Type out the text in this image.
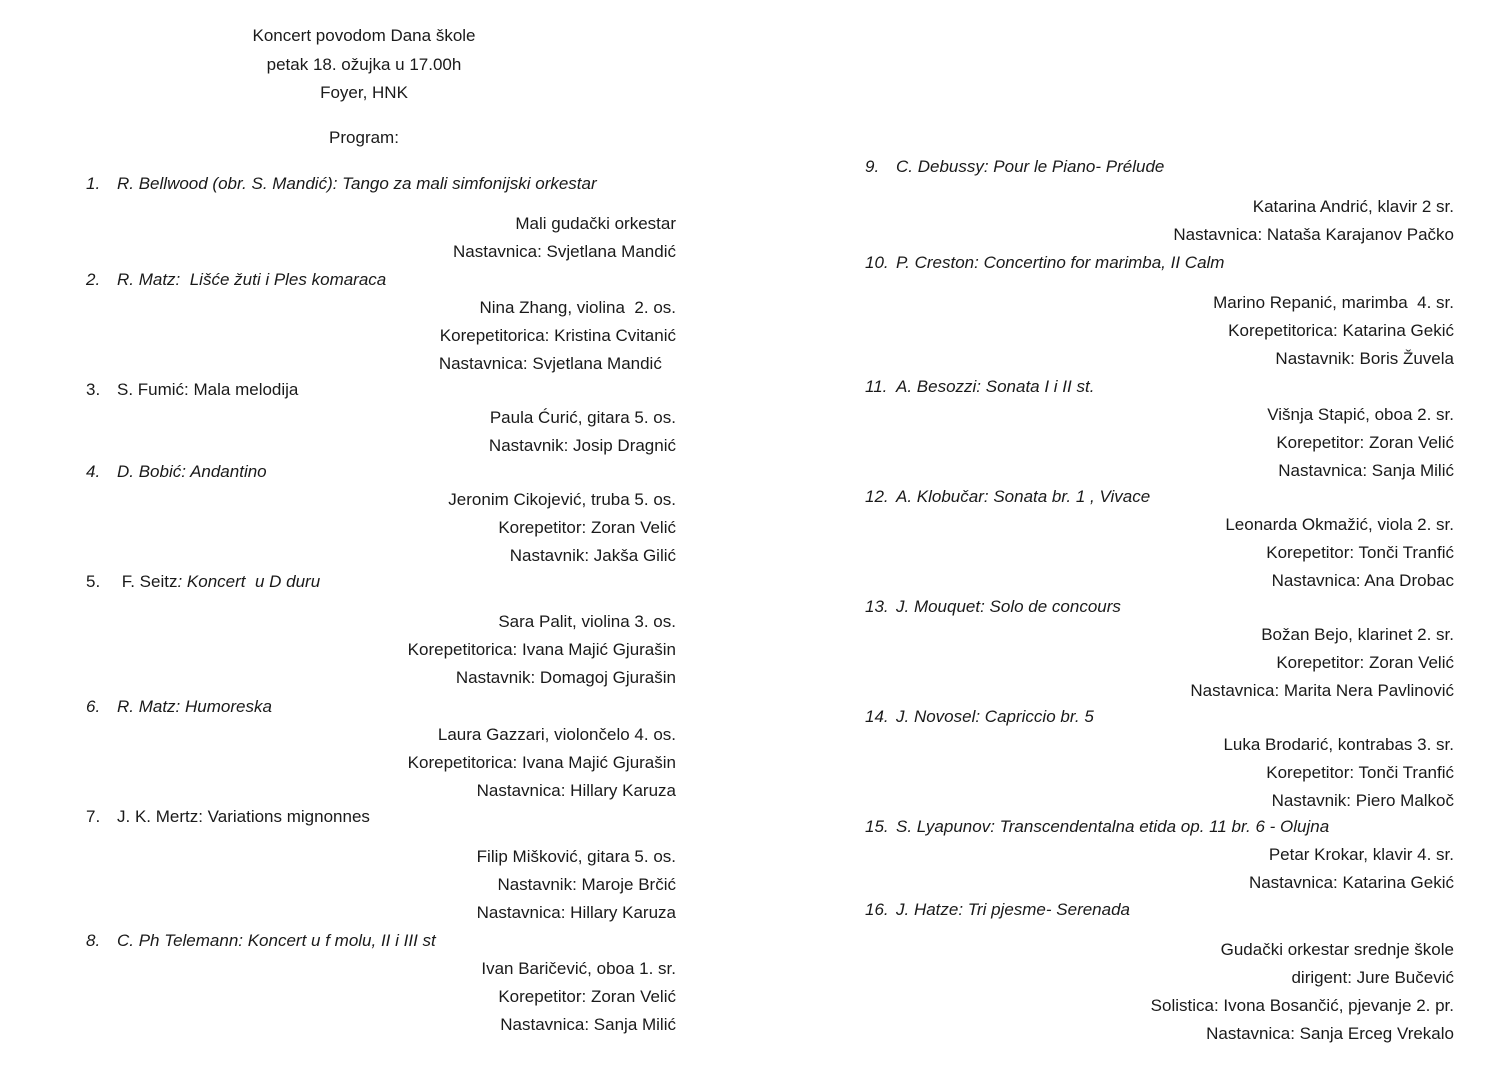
Koncert povodom Dana škole
petak 18. ožujka u 17.00h
Foyer, HNK
Program:
1. R. Bellwood (obr. S. Mandić): Tango za mali simfonijski orkestar
Mali gudački orkestar
Nastavnica: Svjetlana Mandić
2. R. Matz:  Lišće žuti i Ples komaraca
Nina Zhang, violina  2. os.
Korepetitorica: Kristina Cvitanić
Nastavnica: Svjetlana Mandić
3. S. Fumić: Mala melodija
Paula Ćurić, gitara 5. os.
Nastavnik: Josip Dragnić
4. D. Bobić: Andantino
Jeronim Cikojević, truba 5. os.
Korepetitor: Zoran Velić
Nastavnik: Jakša Gilić
5. F. Seitz: Koncert  u D duru
Sara Palit, violina 3. os.
Korepetitorica: Ivana Majić Gjurašin
Nastavnik: Domagoj Gjurašin
6. R. Matz: Humoreska
Laura Gazzari, violončelo 4. os.
Korepetitorica: Ivana Majić Gjurašin
Nastavnica: Hillary Karuza
7. J. K. Mertz: Variations mignonnes
Filip Mišković, gitara 5. os.
Nastavnik: Maroje Brčić
Nastavnica: Hillary Karuza
8. C. Ph Telemann: Koncert u f molu, II i III st
Ivan Baričević, oboa 1. sr.
Korepetitor: Zoran Velić
Nastavnica: Sanja Milić
9. C. Debussy: Pour le Piano- Prélude
Katarina Andrić, klavir 2 sr.
Nastavnica: Nataša Karajanov Pačko
10. P. Creston: Concertino for marimba, II Calm
Marino Repanić, marimba  4. sr.
Korepetitorica: Katarina Gekić
Nastavnik: Boris Žuvela
11. A. Besozzi: Sonata I i II st.
Višnja Stapić, oboa 2. sr.
Korepetitor: Zoran Velić
Nastavnica: Sanja Milić
12. A. Klobučar: Sonata br. 1 , Vivace
Leonarda Okmažić, viola 2. sr.
Korepetitor: Tonči Tranfić
Nastavnica: Ana Drobac
13. J. Mouquet: Solo de concours
Božan Bejo, klarinet 2. sr.
Korepetitor: Zoran Velić
Nastavnica: Marita Nera Pavlinović
14. J. Novosel: Capriccio br. 5
Luka Brodarić, kontrabas 3. sr.
Korepetitor: Tonči Tranfić
Nastavnik: Piero Malkoč
15. S. Lyapunov: Transcendentalna etida op. 11 br. 6 - Olujna
Petar Krokar, klavir 4. sr.
Nastavnica: Katarina Gekić
16. J. Hatze: Tri pjesme- Serenada
Gudački orkestar srednje škole
dirigent: Jure Bučević
Solistica: Ivona Bosančić, pjevanje 2. pr.
Nastavnica: Sanja Erceg Vrekalo
